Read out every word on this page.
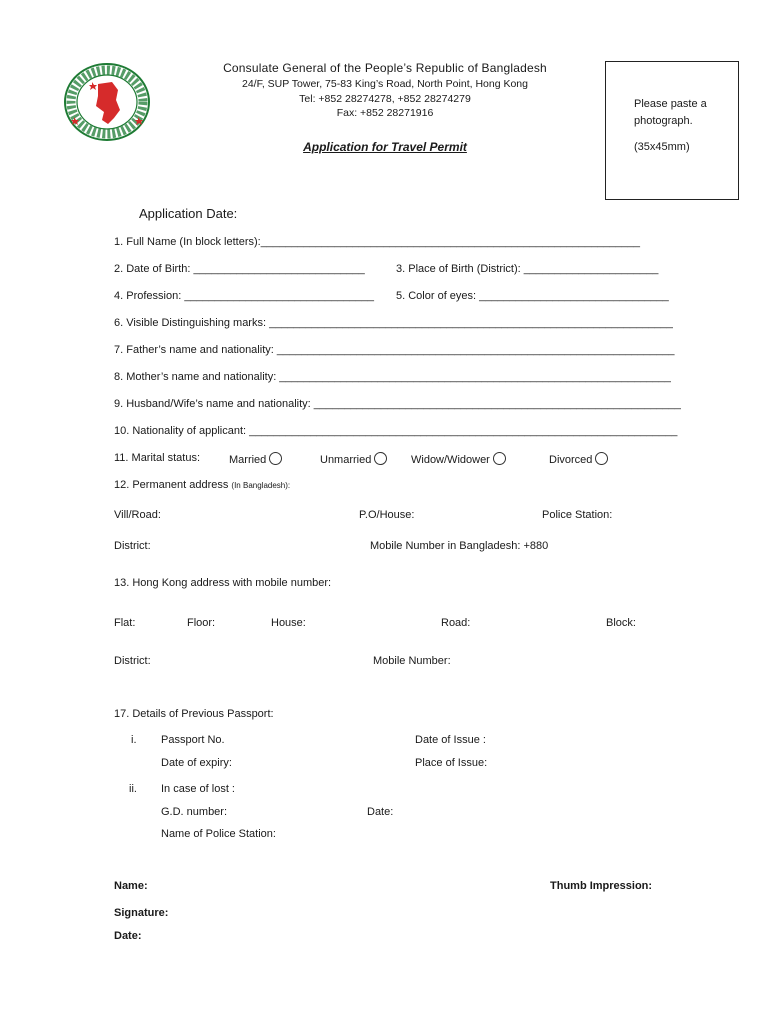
Consulate General of the People’s Republic of Bangladesh
24/F, SUP Tower, 75-83 King’s Road, North Point, Hong Kong
Tel: +852 28274278, +852 28274279
Fax: +852 28271916
Application for Travel Permit
Please paste a
photograph.
(35x45mm)
Application Date:
1. Full Name (In block letters):______________________________________________________________
2. Date of Birth: ____________________________	3. Place of Birth (District): ______________________
4. Profession: _______________________________ 5. Color of eyes: _______________________________
6. Visible Distinguishing marks: __________________________________________________________________
7. Father’s name and nationality: _________________________________________________________________
8. Mother’s name and nationality: ________________________________________________________________
9. Husband/Wife’s name and nationality: ____________________________________________________________
10. Nationality of applicant: ______________________________________________________________________
11. Marital status:	Married	Unmarried	Widow/Widower	Divorced
12. Permanent address (In Bangladesh):
Vill/Road:	P.O/House:	Police Station:
District:	Mobile Number in Bangladesh: +880
13. Hong Kong address with mobile number:
Flat:	Floor:	House:	Road:	Block:
District:	Mobile Number:
17. Details of Previous Passport:
i. Passport No.	Date of Issue :
Date of expiry:	Place of Issue:
ii. In case of lost :
G.D. number:	Date:
Name of Police Station:
Name:	Thumb Impression:
Signature:
Date:
